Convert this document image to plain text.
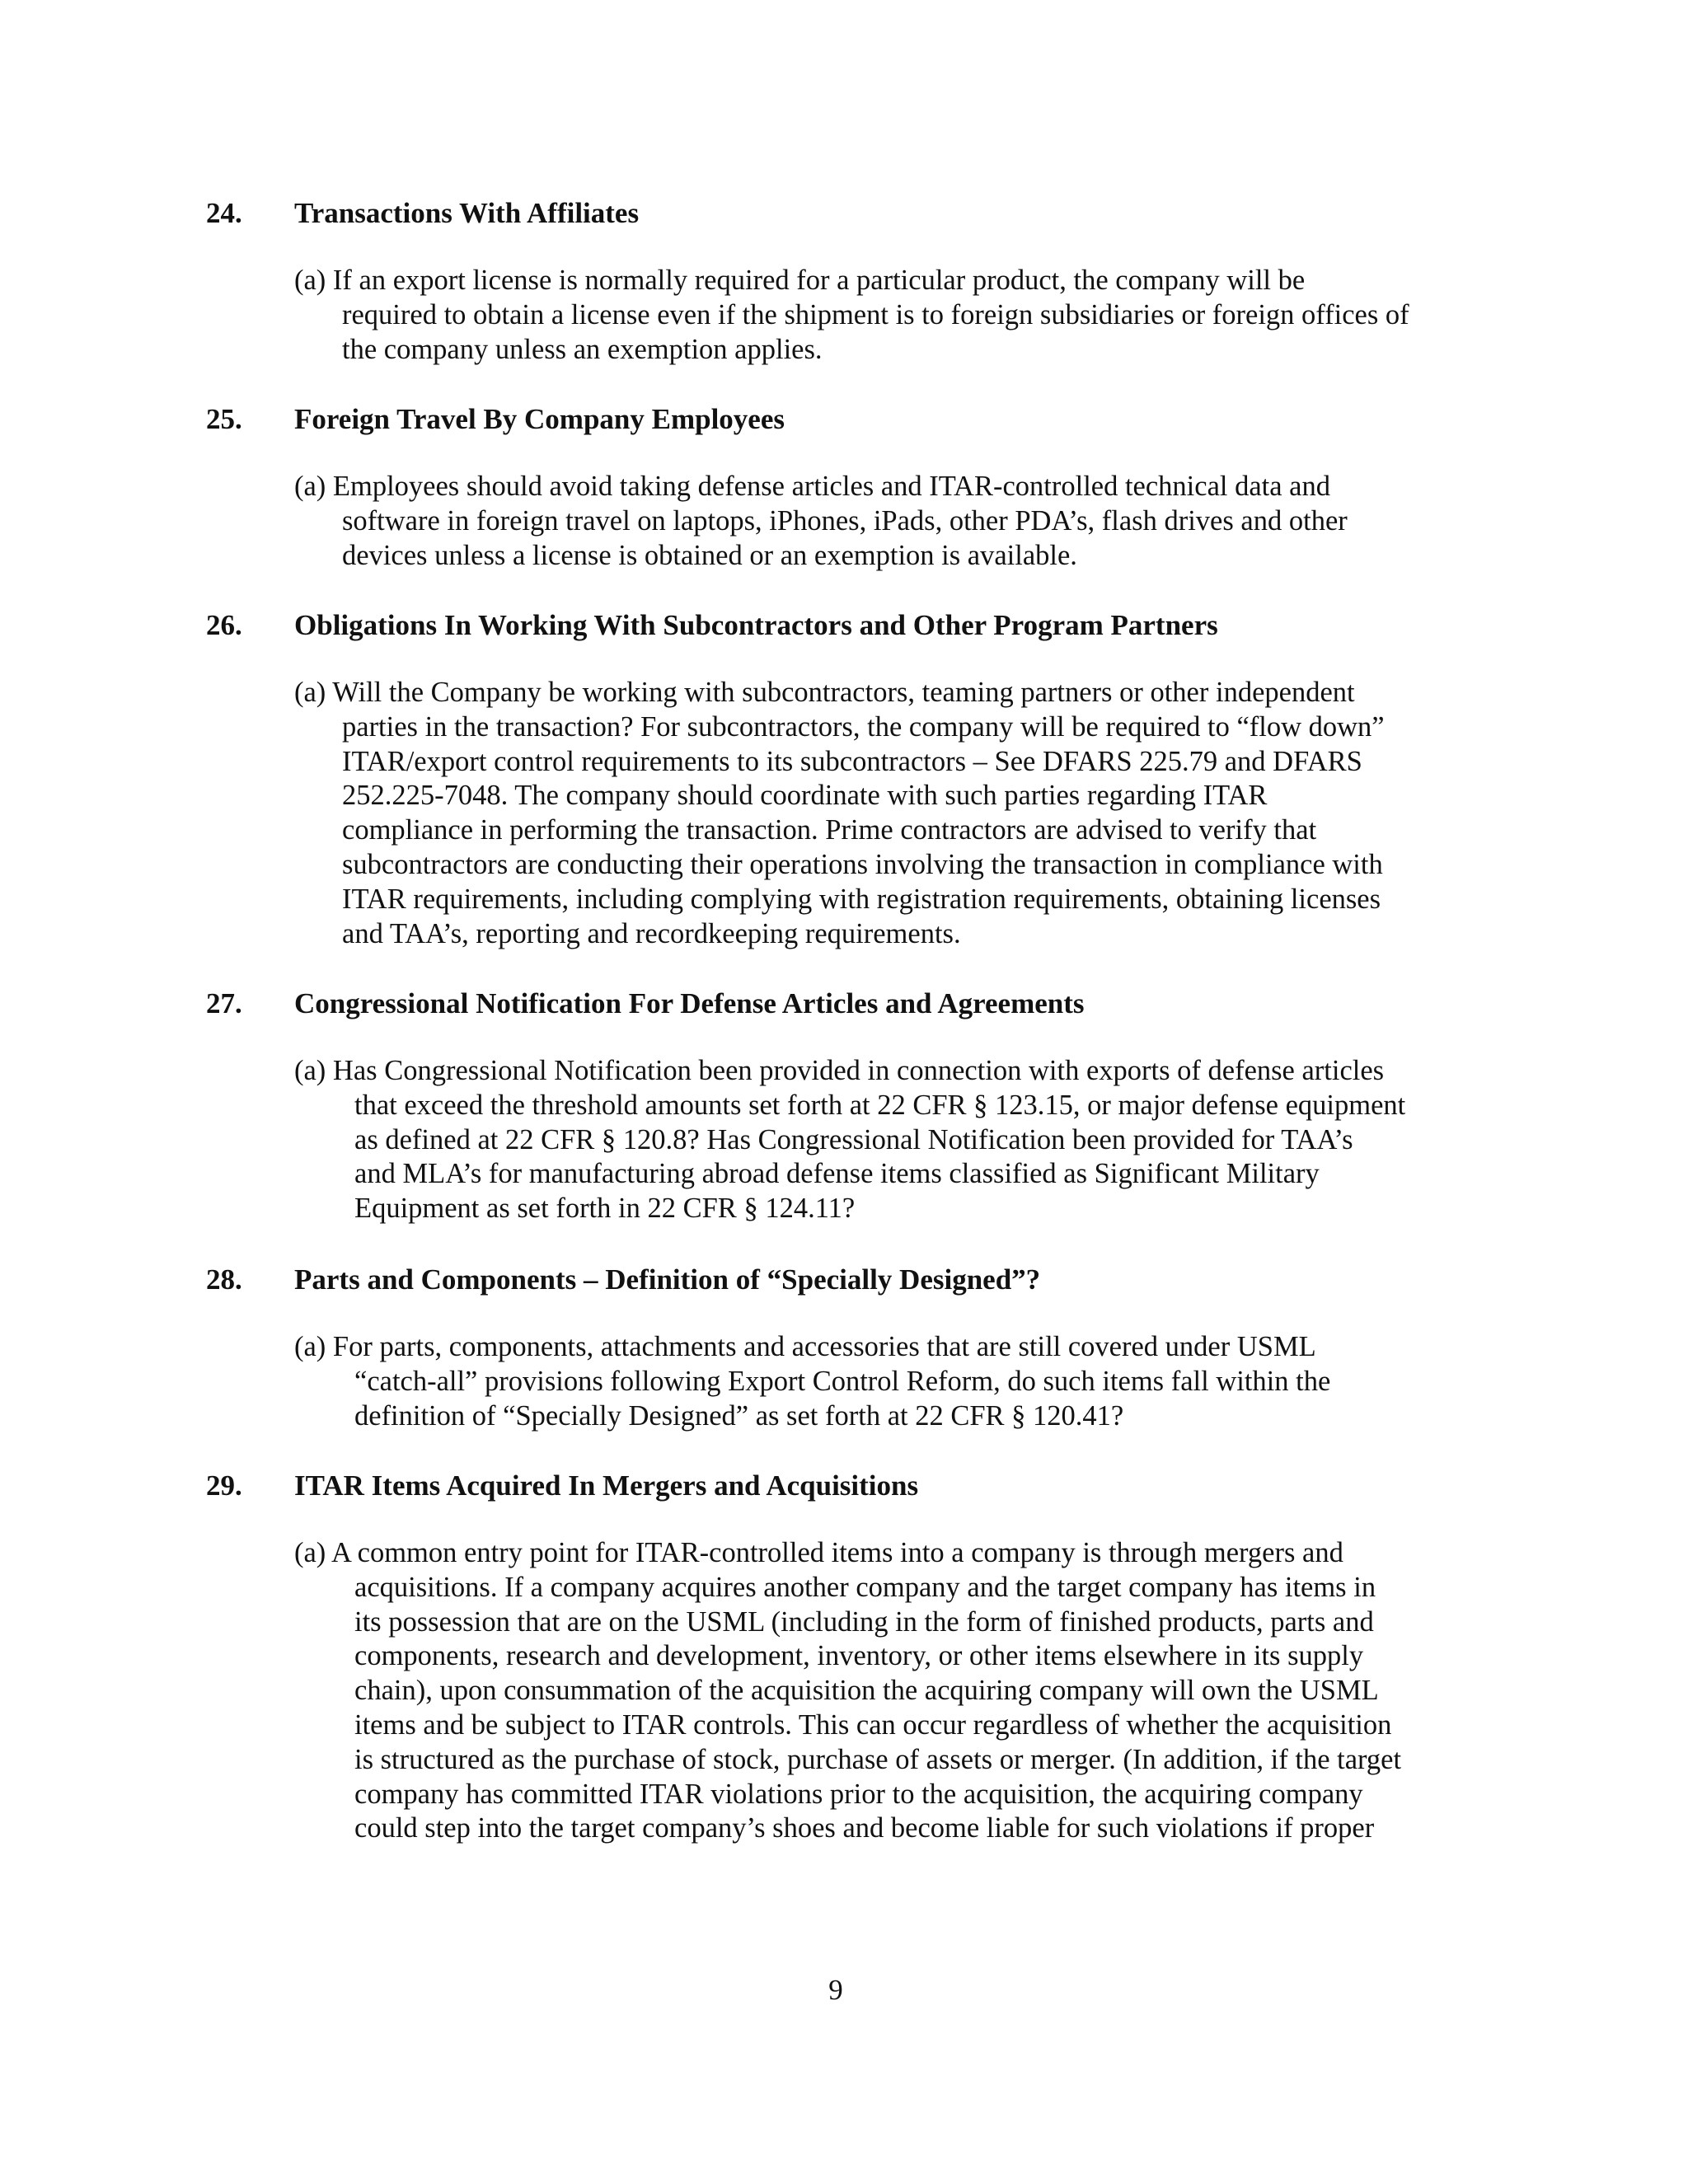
24. Transactions With Affiliates
(a) If an export license is normally required for a particular product, the company will be
required to obtain a license even if the shipment is to foreign subsidiaries or foreign offices of
the company unless an exemption applies.
25. Foreign Travel By Company Employees
(a) Employees should avoid taking defense articles and ITAR-controlled technical data and
software in foreign travel on laptops, iPhones, iPads, other PDA’s, flash drives and other
devices unless a license is obtained or an exemption is available.
26. Obligations In Working With Subcontractors and Other Program Partners
(a) Will the Company be working with subcontractors, teaming partners or other independent
parties in the transaction? For subcontractors, the company will be required to “flow down”
ITAR/export control requirements to its subcontractors – See DFARS 225.79 and DFARS
252.225-7048. The company should coordinate with such parties regarding ITAR
compliance in performing the transaction. Prime contractors are advised to verify that
subcontractors are conducting their operations involving the transaction in compliance with
ITAR requirements, including complying with registration requirements, obtaining licenses
and TAA’s, reporting and recordkeeping requirements.
27. Congressional Notification For Defense Articles and Agreements
(a) Has Congressional Notification been provided in connection with exports of defense articles
that exceed the threshold amounts set forth at 22 CFR § 123.15, or major defense equipment
as defined at 22 CFR § 120.8? Has Congressional Notification been provided for TAA’s
and MLA’s for manufacturing abroad defense items classified as Significant Military
Equipment as set forth in 22 CFR § 124.11?
28. Parts and Components – Definition of “Specially Designed”?
(a) For parts, components, attachments and accessories that are still covered under USML
“catch-all” provisions following Export Control Reform, do such items fall within the
definition of “Specially Designed” as set forth at 22 CFR § 120.41?
29. ITAR Items Acquired In Mergers and Acquisitions
(a) A common entry point for ITAR-controlled items into a company is through mergers and
acquisitions. If a company acquires another company and the target company has items in
its possession that are on the USML (including in the form of finished products, parts and
components, research and development, inventory, or other items elsewhere in its supply
chain), upon consummation of the acquisition the acquiring company will own the USML
items and be subject to ITAR controls. This can occur regardless of whether the acquisition
is structured as the purchase of stock, purchase of assets or merger. (In addition, if the target
company has committed ITAR violations prior to the acquisition, the acquiring company
could step into the target company’s shoes and become liable for such violations if proper
9
